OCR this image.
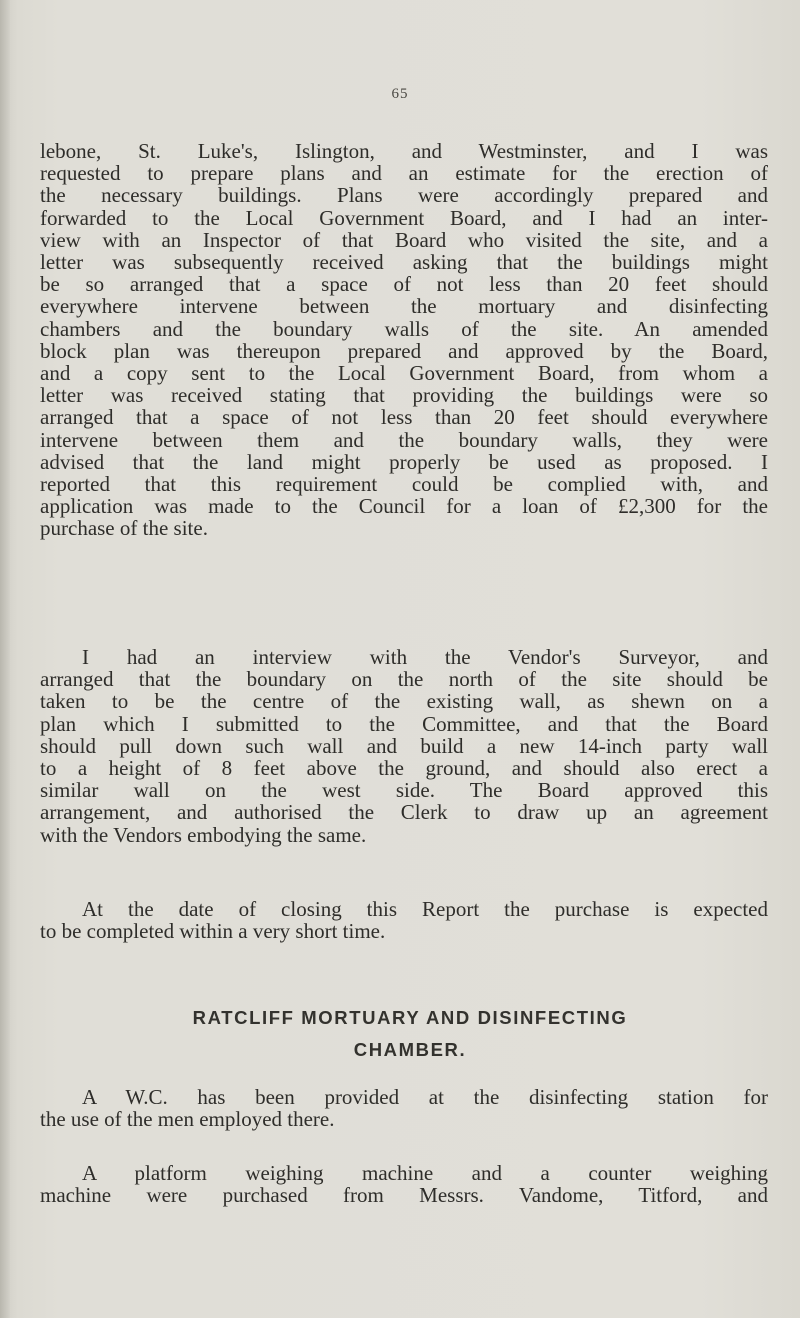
65
lebone, St. Luke's, Islington, and Westminster, and I was
requested to prepare plans and an estimate for the erection of
the necessary buildings. Plans were accordingly prepared and
forwarded to the Local Government Board, and I had an inter-
view with an Inspector of that Board who visited the site, and a
letter was subsequently received asking that the buildings might
be so arranged that a space of not less than 20 feet should
everywhere intervene between the mortuary and disinfecting
chambers and the boundary walls of the site. An amended
block plan was thereupon prepared and approved by the Board,
and a copy sent to the Local Government Board, from whom a
letter was received stating that providing the buildings were so
arranged that a space of not less than 20 feet should everywhere
intervene between them and the boundary walls, they were
advised that the land might properly be used as proposed. I
reported that this requirement could be complied with, and
application was made to the Council for a loan of £2,300 for the
purchase of the site.
I had an interview with the Vendor's Surveyor, and
arranged that the boundary on the north of the site should be
taken to be the centre of the existing wall, as shewn on a
plan which I submitted to the Committee, and that the Board
should pull down such wall and build a new 14-inch party wall
to a height of 8 feet above the ground, and should also erect a
similar wall on the west side. The Board approved this
arrangement, and authorised the Clerk to draw up an agreement
with the Vendors embodying the same.
At the date of closing this Report the purchase is expected
to be completed within a very short time.
RATCLIFF MORTUARY AND DISINFECTING
CHAMBER.
A W.C. has been provided at the disinfecting station for
the use of the men employed there.
A platform weighing machine and a counter weighing
machine were purchased from Messrs. Vandome, Titford, and
